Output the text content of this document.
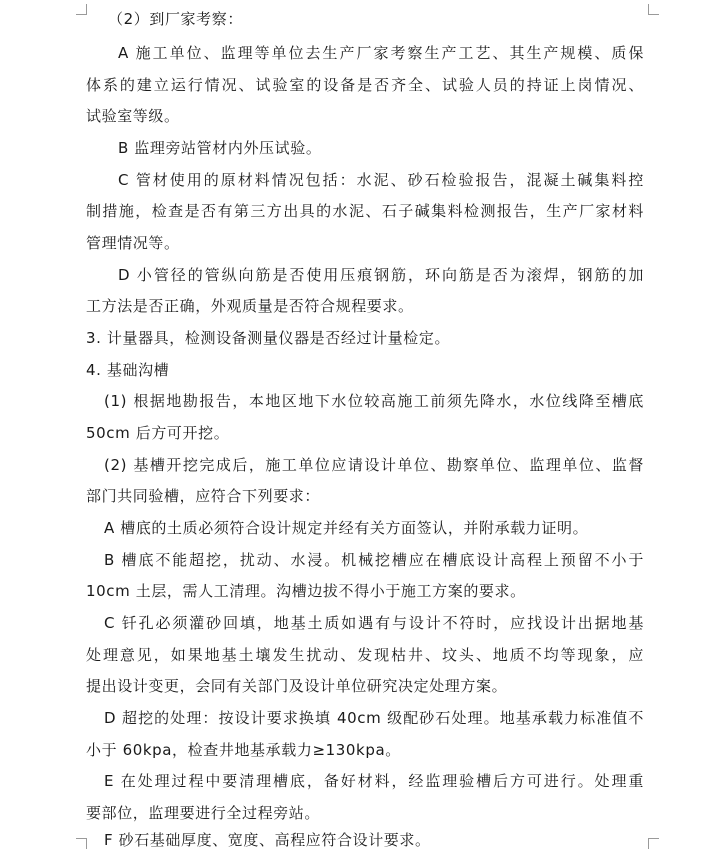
（2）到厂家考察：
A 施工单位、监理等单位去生产厂家考察生产工艺、其生产规模、质保
体系的建立运行情况、试验室的设备是否齐全、试验人员的持证上岗情况、
试验室等级。
B 监理旁站管材内外压试验。
C 管材使用的原材料情况包括：水泥、砂石检验报告，混凝土碱集料控
制措施，检查是否有第三方出具的水泥、石子碱集料检测报告，生产厂家材料
管理情况等。
D 小管径的管纵向筋是否使用压痕钢筋，环向筋是否为滚焊，钢筋的加
工方法是否正确，外观质量是否符合规程要求。
3. 计量器具，检测设备测量仪器是否经过计量检定。
4. 基础沟槽
(1) 根据地勘报告，本地区地下水位较高施工前须先降水，水位线降至槽底
50cm 后方可开挖。
(2) 基槽开挖完成后，施工单位应请设计单位、勘察单位、监理单位、监督
部门共同验槽，应符合下列要求：
A 槽底的土质必须符合设计规定并经有关方面签认，并附承载力证明。
B 槽底不能超挖，扰动、水浸。机械挖槽应在槽底设计高程上预留不小于
10cm 土层，需人工清理。沟槽边拔不得小于施工方案的要求。
C 钎孔必须灌砂回填，地基土质如遇有与设计不符时，应找设计出据地基
处理意见，如果地基土壤发生扰动、发现枯井、坟头、地质不均等现象，应
提出设计变更，会同有关部门及设计单位研究决定处理方案。
D 超挖的处理：按设计要求换填 40cm 级配砂石处理。地基承载力标准值不
小于 60kpa，检查井地基承载力≥130kpa。
E 在处理过程中要清理槽底，备好材料，经监理验槽后方可进行。处理重
要部位，监理要进行全过程旁站。
F 砂石基础厚度、宽度、高程应符合设计要求。
